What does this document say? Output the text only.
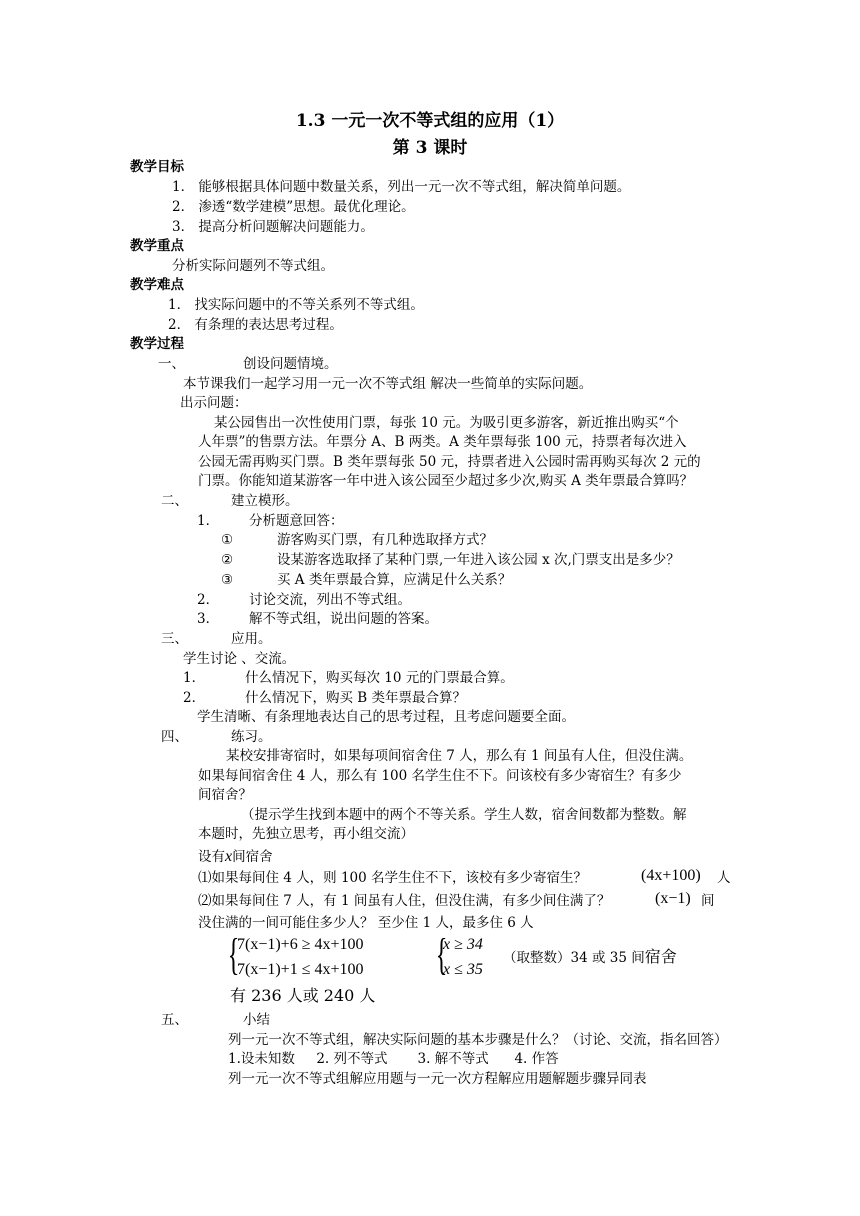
1.3 一元一次不等式组的应用（1）
第 3 课时
教学目标
1． 能够根据具体问题中数量关系，列出一元一次不等式组，解决简单问题。
2． 渗透“数学建模”思想。最优化理论。
3． 提高分析问题解决问题能力。
教学重点
分析实际问题列不等式组。
教学难点
1． 找实际问题中的不等关系列不等式组。
2． 有条理的表达思考过程。
教学过程
一、	创设问题情境。
本节课我们一起学习用一元一次不等式组 解决一些简单的实际问题。
出示问题：
某公园售出一次性使用门票，每张 10 元。为吸引更多游客，新近推出购买“个
人年票”的售票方法。年票分 A、B 两类。A 类年票每张 100 元，持票者每次进入
公园无需再购买门票。B 类年票每张 50 元，持票者进入公园时需再购买每次 2 元的
门票。你能知道某游客一年中进入该公园至少超过多少次,购买 A 类年票最合算吗？
二、	建立模形。
1． 分析题意回答：
①	游客购买门票，有几种选取择方式？
②	设某游客选取择了某种门票,一年进入该公园 x 次,门票支出是多少？
③	买 A 类年票最合算，应满足什么关系？
2． 讨论交流，列出不等式组。
3． 解不等式组，说出问题的答案。
三、	应用。
学生讨论 、交流。
1．	什么情况下，购买每次 10 元的门票最合算。
2．	什么情况下，购买 B 类年票最合算？
学生清晰、有条理地表达自己的思考过程，且考虑问题要全面。
四、	练习。
某校安排寄宿时，如果每项间宿舍住 7 人，那么有 1 间虽有人住，但没住满。
如果每间宿舍住 4 人，那么有 100 名学生住不下。问该校有多少寄宿生？有多少
间宿舍？
（提示学生找到本题中的两个不等关系。学生人数，宿舍间数都为整数。解
本题时，先独立思考，再小组交流）
设有x间宿舍
⑴如果每间住 4 人，则 100 名学生住不下，该校有多少寄宿生？	(4x+100) 人
⑵如果每间住 7 人，有 1 间虽有人住，但没住满，有多少间住满了？	(x−1) 间
没住满的一间可能住多少人？ 至少住 1 人，最多住 6 人
{
7(x−1)+6 ≥ 4x+100
7(x−1)+1 ≤ 4x+100 {
x ≥ 34
x ≤ 35
（取整数）34 或 35 间宿舍
有 236 人或 240 人
五、	小结
列一元一次不等式组，解决实际问题的基本步骤是什么？（讨论、交流，指名回答）
1.设未知数     2. 列不等式       3. 解不等式      4. 作答
列一元一次不等式组解应用题与一元一次方程解应用题解题步骤异同表
